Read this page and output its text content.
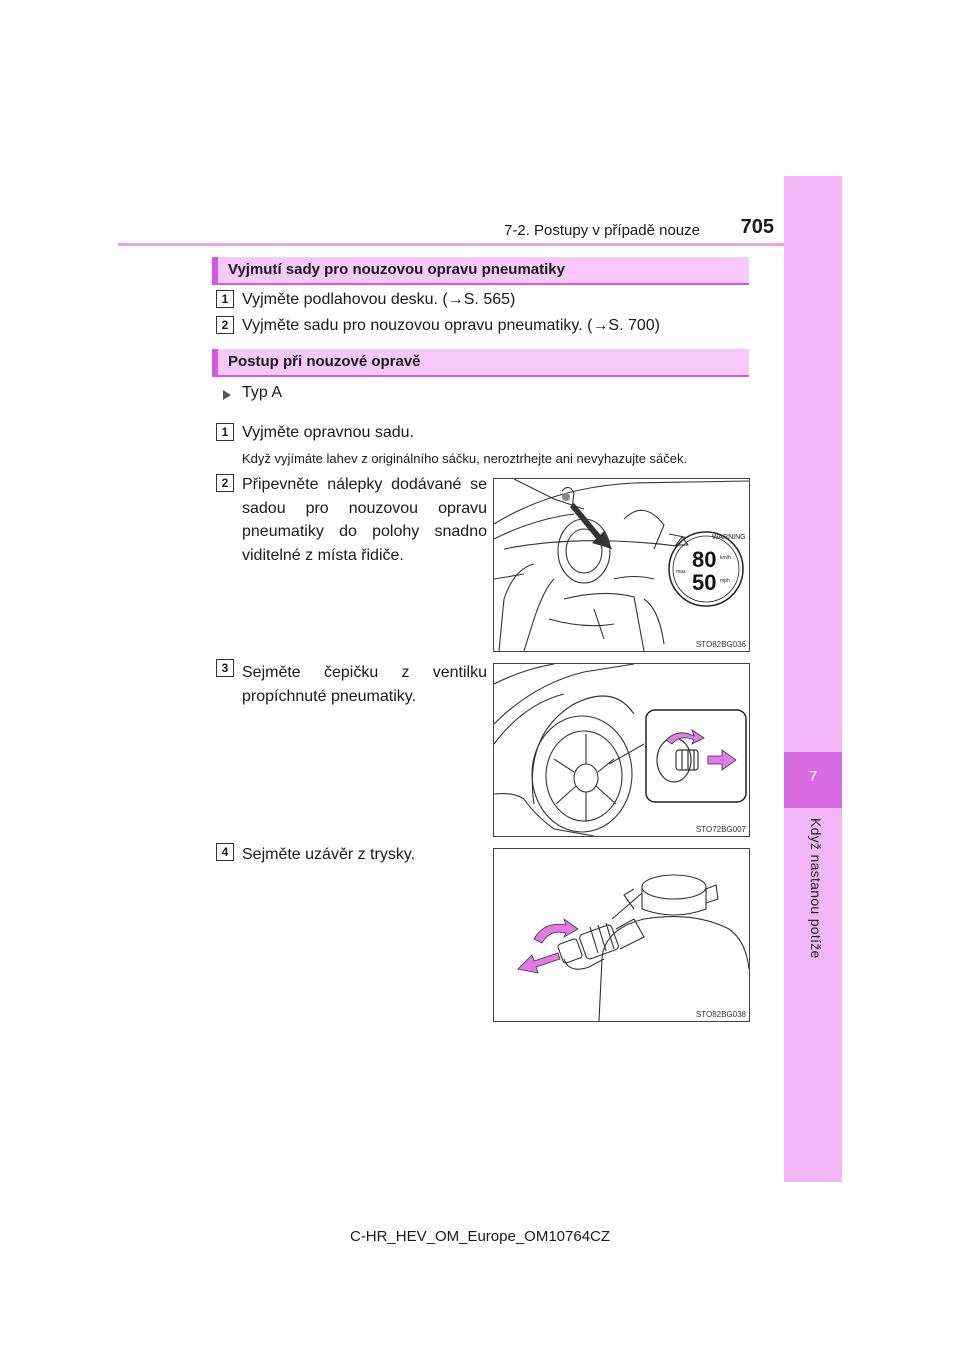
7
Když nastanou potíže
7-2. Postupy v případě nouze	705
Vyjmutí sady pro nouzovou opravu pneumatiky
1 Vyjměte podlahovou desku. (→S. 565)
2 Vyjměte sadu pro nouzovou opravu pneumatiky. (→S. 700)
Postup při nouzové opravě
Typ A
1 Vyjměte opravnou sadu.
Když vyjímáte lahev z originálního sáčku, neroztrhejte ani nevyhazujte sáček.
2 Připevněte nálepky dodávané se sadou pro nouzovou opravu pneumatiky do polohy snadno viditelné z místa řidiče.
WARNING
80
50
km/h
mph
max
STO82BG036
3 Sejměte čepičku z ventilku propíchnuté pneumatiky.
STO72BG007
4 Sejměte uzávěr z trysky.
STO82BG038
C-HR_HEV_OM_Europe_OM10764CZ
